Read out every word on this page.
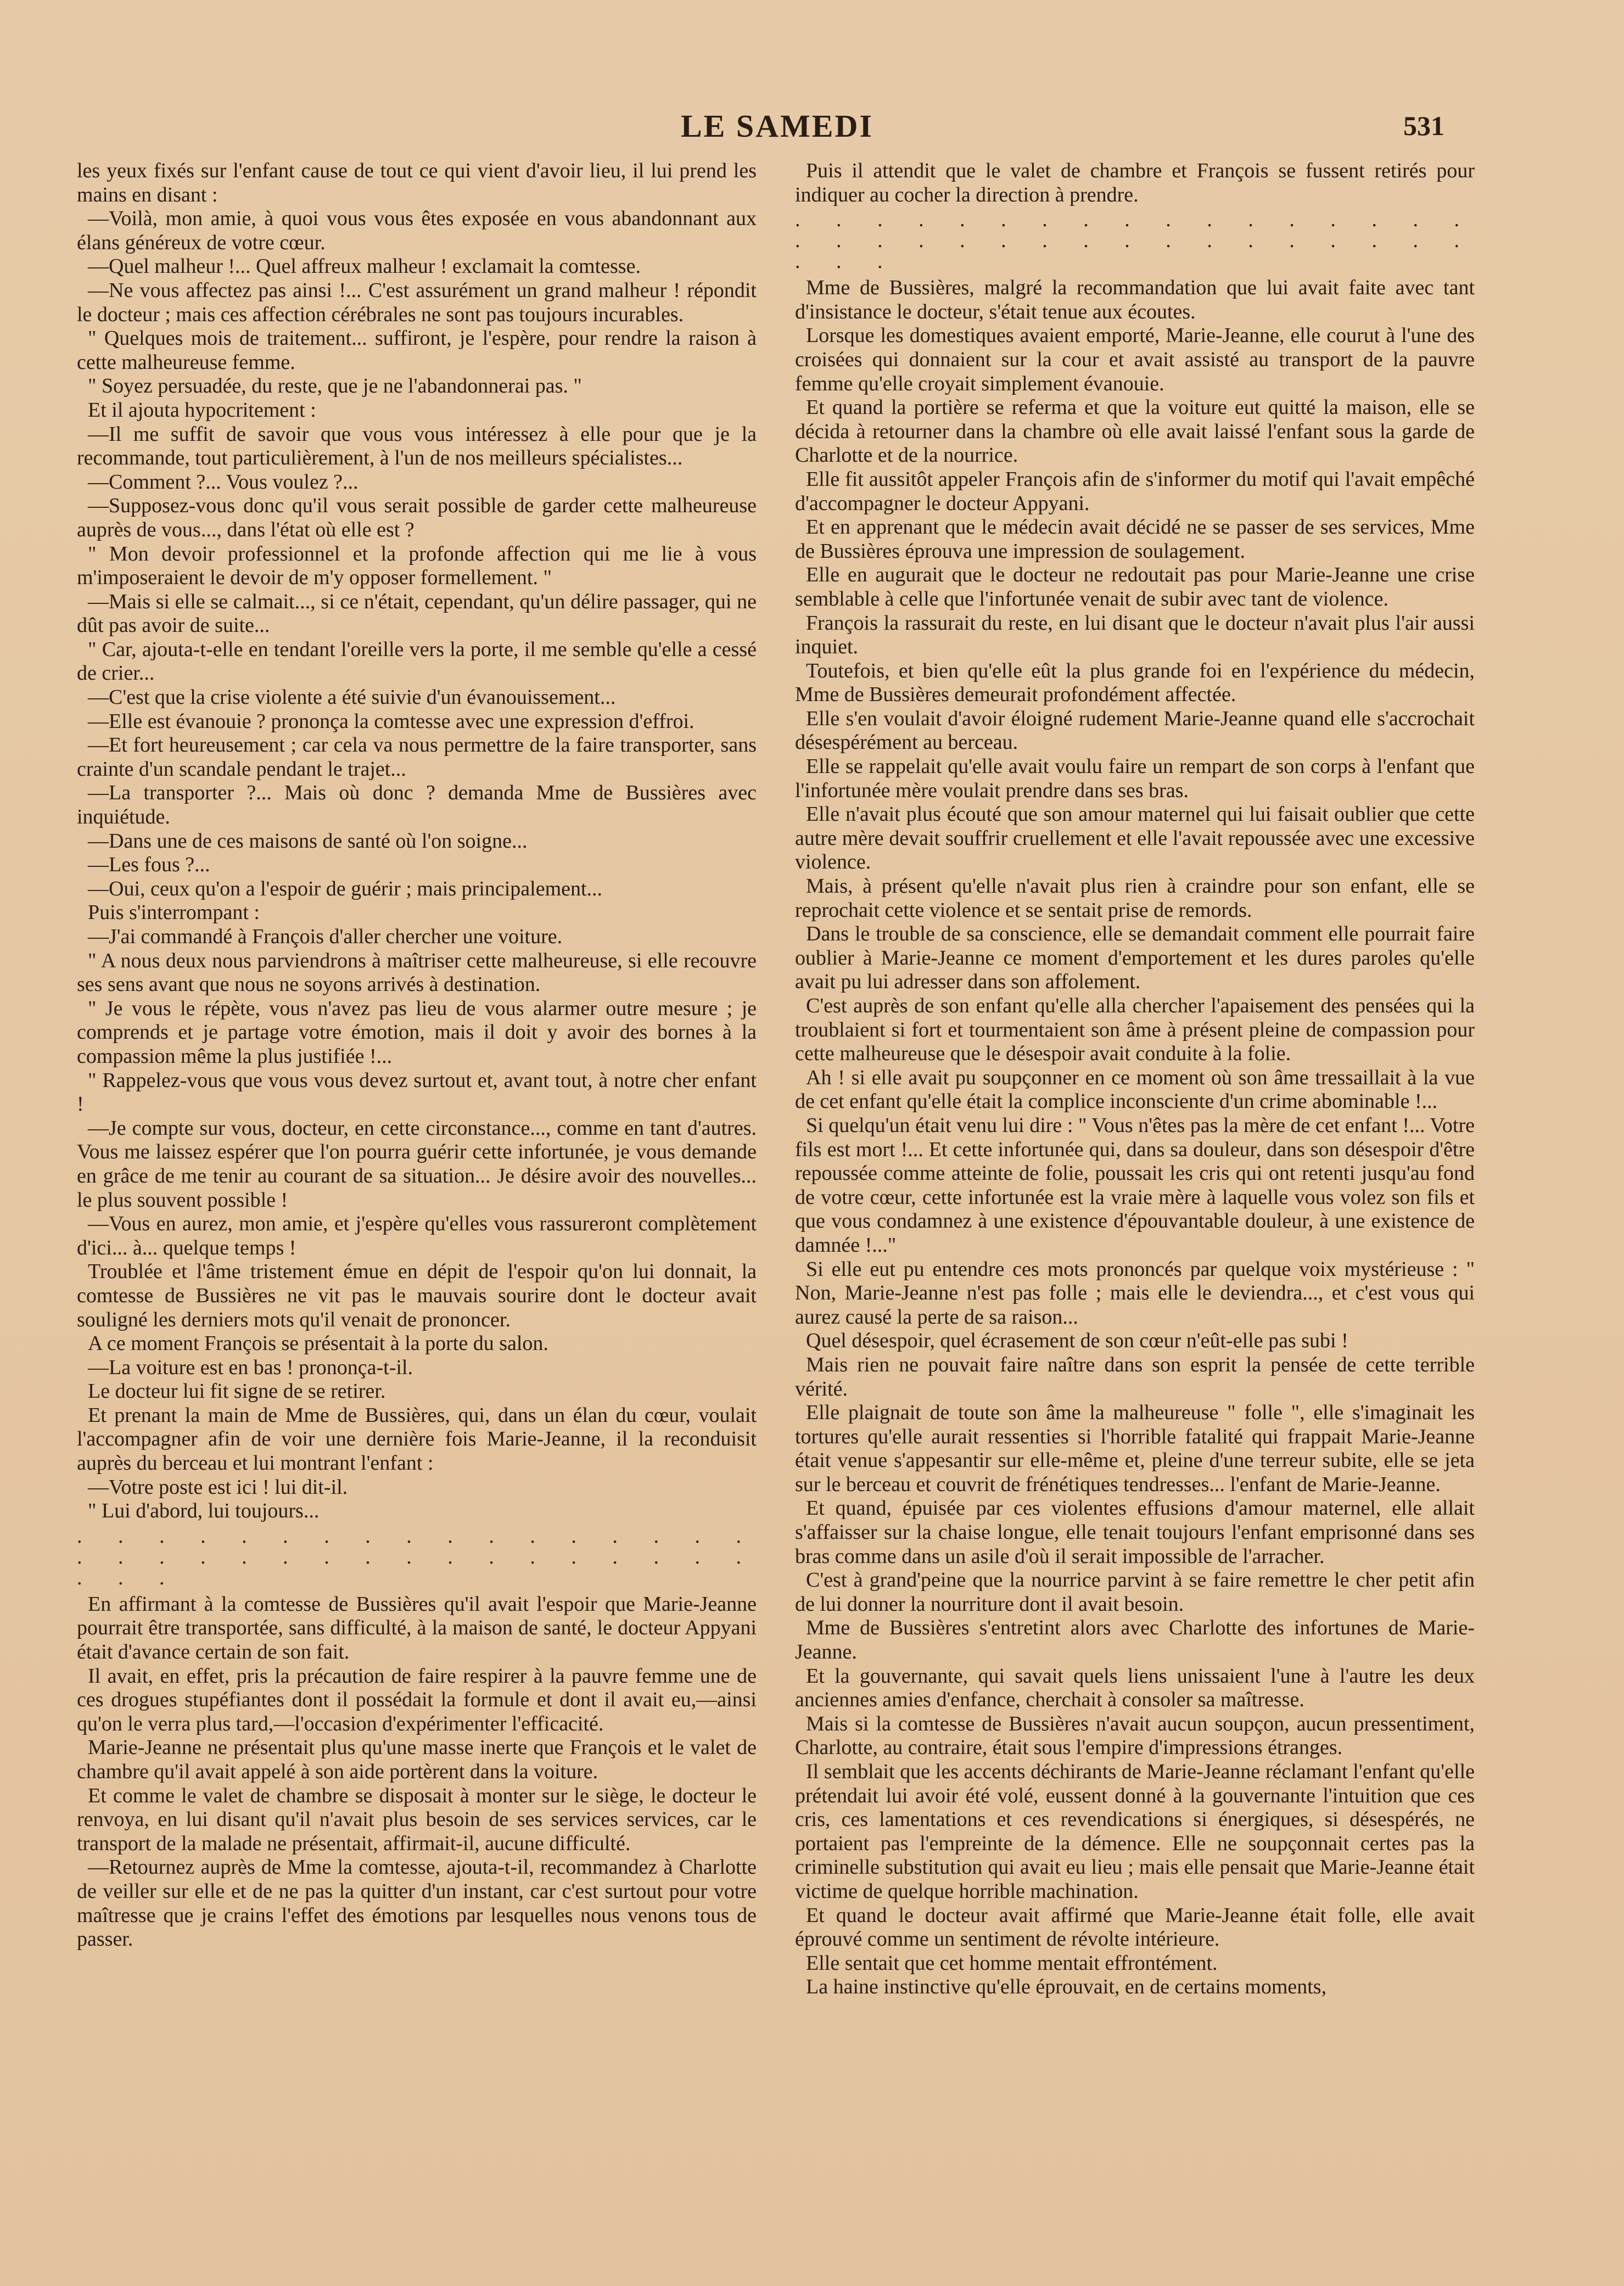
LE SAMEDI	531

les yeux fixés sur l'enfant cause de tout ce qui vient d'avoir lieu, il lui prend les mains en disant :

—Voilà, mon amie, à quoi vous vous êtes exposée en vous abandonnant aux élans généreux de votre cœur.

—Quel malheur !... Quel affreux malheur ! exclamait la comtesse.

—Ne vous affectez pas ainsi !... C'est assurément un grand malheur ! répondit le docteur ; mais ces affection cérébrales ne sont pas toujours incurables.

" Quelques mois de traitement... suffiront, je l'espère, pour rendre la raison à cette malheureuse femme.

" Soyez persuadée, du reste, que je ne l'abandonnerai pas. "

Et il ajouta hypocritement :

—Il me suffit de savoir que vous vous intéressez à elle pour que je la recommande, tout particulièrement, à l'un de nos meilleurs spécialistes...

—Comment ?... Vous voulez ?...

—Supposez-vous donc qu'il vous serait possible de garder cette malheureuse auprès de vous..., dans l'état où elle est ?

" Mon devoir professionnel et la profonde affection qui me lie à vous m'imposeraient le devoir de m'y opposer formellement. "

—Mais si elle se calmait..., si ce n'était, cependant, qu'un délire passager, qui ne dût pas avoir de suite...

" Car, ajouta-t-elle en tendant l'oreille vers la porte, il me semble qu'elle a cessé de crier...

—C'est que la crise violente a été suivie d'un évanouissement...

—Elle est évanouie ? prononça la comtesse avec une expression d'effroi.

—Et fort heureusement ; car cela va nous permettre de la faire transporter, sans crainte d'un scandale pendant le trajet...

—La transporter ?... Mais où donc ? demanda Mme de Bussières avec inquiétude.

—Dans une de ces maisons de santé où l'on soigne...

—Les fous ?...

—Oui, ceux qu'on a l'espoir de guérir ; mais principalement...

Puis s'interrompant :

—J'ai commandé à François d'aller chercher une voiture.

" A nous deux nous parviendrons à maîtriser cette malheureuse, si elle recouvre ses sens avant que nous ne soyons arrivés à destination.

" Je vous le répète, vous n'avez pas lieu de vous alarmer outre mesure ; je comprends et je partage votre émotion, mais il doit y avoir des bornes à la compassion même la plus justifiée !...

" Rappelez-vous que vous vous devez surtout et, avant tout, à notre cher enfant !

—Je compte sur vous, docteur, en cette circonstance..., comme en tant d'autres. Vous me laissez espérer que l'on pourra guérir cette infortunée, je vous demande en grâce de me tenir au courant de sa situation... Je désire avoir des nouvelles... le plus souvent possible !

—Vous en aurez, mon amie, et j'espère qu'elles vous rassureront complètement d'ici... à... quelque temps !

Troublée et l'âme tristement émue en dépit de l'espoir qu'on lui donnait, la comtesse de Bussières ne vit pas le mauvais sourire dont le docteur avait souligné les derniers mots qu'il venait de prononcer.

A ce moment François se présentait à la porte du salon.

—La voiture est en bas ! prononça-t-il.

Le docteur lui fit signe de se retirer.

Et prenant la main de Mme de Bussières, qui, dans un élan du cœur, voulait l'accompagner afin de voir une dernière fois Marie-Jeanne, il la reconduisit auprès du berceau et lui montrant l'enfant :

—Votre poste est ici ! lui dit-il.

" Lui d'abord, lui toujours...

. . . . . . . . . . . . . . . . . . . . . . . . . . . . . . . . . . . . .

En affirmant à la comtesse de Bussières qu'il avait l'espoir que Marie-Jeanne pourrait être transportée, sans difficulté, à la maison de santé, le docteur Appyani était d'avance certain de son fait.

Il avait, en effet, pris la précaution de faire respirer à la pauvre femme une de ces drogues stupéfiantes dont il possédait la formule et dont il avait eu,—ainsi qu'on le verra plus tard,—l'occasion d'expérimenter l'efficacité.

Marie-Jeanne ne présentait plus qu'une masse inerte que François et le valet de chambre qu'il avait appelé à son aide portèrent dans la voiture.

Et comme le valet de chambre se disposait à monter sur le siège, le docteur le renvoya, en lui disant qu'il n'avait plus besoin de ses services services, car le transport de la malade ne présentait, affirmait-il, aucune difficulté.

—Retournez auprès de Mme la comtesse, ajouta-t-il, recommandez à Charlotte de veiller sur elle et de ne pas la quitter d'un instant, car c'est surtout pour votre maîtresse que je crains l'effet des émotions par lesquelles nous venons tous de passer.

Puis il attendit que le valet de chambre et François se fussent retirés pour indiquer au cocher la direction à prendre.

. . . . . . . . . . . . . . . . . . . . . . . . . . . . . . . . . . . . .

Mme de Bussières, malgré la recommandation que lui avait faite avec tant d'insistance le docteur, s'était tenue aux écoutes.

Lorsque les domestiques avaient emporté, Marie-Jeanne, elle courut à l'une des croisées qui donnaient sur la cour et avait assisté au transport de la pauvre femme qu'elle croyait simplement évanouie.

Et quand la portière se referma et que la voiture eut quitté la maison, elle se décida à retourner dans la chambre où elle avait laissé l'enfant sous la garde de Charlotte et de la nourrice.

Elle fit aussitôt appeler François afin de s'informer du motif qui l'avait empêché d'accompagner le docteur Appyani.

Et en apprenant que le médecin avait décidé ne se passer de ses services, Mme de Bussières éprouva une impression de soulagement.

Elle en augurait que le docteur ne redoutait pas pour Marie-Jeanne une crise semblable à celle que l'infortunée venait de subir avec tant de violence.

François la rassurait du reste, en lui disant que le docteur n'avait plus l'air aussi inquiet.

Toutefois, et bien qu'elle eût la plus grande foi en l'expérience du médecin, Mme de Bussières demeurait profondément affectée.

Elle s'en voulait d'avoir éloigné rudement Marie-Jeanne quand elle s'accrochait désespérément au berceau.

Elle se rappelait qu'elle avait voulu faire un rempart de son corps à l'enfant que l'infortunée mère voulait prendre dans ses bras.

Elle n'avait plus écouté que son amour maternel qui lui faisait oublier que cette autre mère devait souffrir cruellement et elle l'avait repoussée avec une excessive violence.

Mais, à présent qu'elle n'avait plus rien à craindre pour son enfant, elle se reprochait cette violence et se sentait prise de remords.

Dans le trouble de sa conscience, elle se demandait comment elle pourrait faire oublier à Marie-Jeanne ce moment d'emportement et les dures paroles qu'elle avait pu lui adresser dans son affolement.

C'est auprès de son enfant qu'elle alla chercher l'apaisement des pensées qui la troublaient si fort et tourmentaient son âme à présent pleine de compassion pour cette malheureuse que le désespoir avait conduite à la folie.

Ah ! si elle avait pu soupçonner en ce moment où son âme tressaillait à la vue de cet enfant qu'elle était la complice inconsciente d'un crime abominable !...

Si quelqu'un était venu lui dire : " Vous n'êtes pas la mère de cet enfant !... Votre fils est mort !... Et cette infortunée qui, dans sa douleur, dans son désespoir d'être repoussée comme atteinte de folie, poussait les cris qui ont retenti jusqu'au fond de votre cœur, cette infortunée est la vraie mère à laquelle vous volez son fils et que vous condamnez à une existence d'épouvantable douleur, à une existence de damnée !..."

Si elle eut pu entendre ces mots prononcés par quelque voix mystérieuse : " Non, Marie-Jeanne n'est pas folle ; mais elle le deviendra..., et c'est vous qui aurez causé la perte de sa raison...

Quel désespoir, quel écrasement de son cœur n'eût-elle pas subi !

Mais rien ne pouvait faire naître dans son esprit la pensée de cette terrible vérité.

Elle plaignait de toute son âme la malheureuse " folle ", elle s'imaginait les tortures qu'elle aurait ressenties si l'horrible fatalité qui frappait Marie-Jeanne était venue s'appesantir sur elle-même et, pleine d'une terreur subite, elle se jeta sur le berceau et couvrit de frénétiques tendresses... l'enfant de Marie-Jeanne.

Et quand, épuisée par ces violentes effusions d'amour maternel, elle allait s'affaisser sur la chaise longue, elle tenait toujours l'enfant emprisonné dans ses bras comme dans un asile d'où il serait impossible de l'arracher.

C'est à grand'peine que la nourrice parvint à se faire remettre le cher petit afin de lui donner la nourriture dont il avait besoin.

Mme de Bussières s'entretint alors avec Charlotte des infortunes de Marie-Jeanne.

Et la gouvernante, qui savait quels liens unissaient l'une à l'autre les deux anciennes amies d'enfance, cherchait à consoler sa maîtresse.

Mais si la comtesse de Bussières n'avait aucun soupçon, aucun pressentiment, Charlotte, au contraire, était sous l'empire d'impressions étranges.

Il semblait que les accents déchirants de Marie-Jeanne réclamant l'enfant qu'elle prétendait lui avoir été volé, eussent donné à la gouvernante l'intuition que ces cris, ces lamentations et ces revendications si énergiques, si désespérés, ne portaient pas l'empreinte de la démence. Elle ne soupçonnait certes pas la criminelle substitution qui avait eu lieu ; mais elle pensait que Marie-Jeanne était victime de quelque horrible machination.

Et quand le docteur avait affirmé que Marie-Jeanne était folle, elle avait éprouvé comme un sentiment de révolte intérieure.

Elle sentait que cet homme mentait effrontément.

La haine instinctive qu'elle éprouvait, en de certains moments,
